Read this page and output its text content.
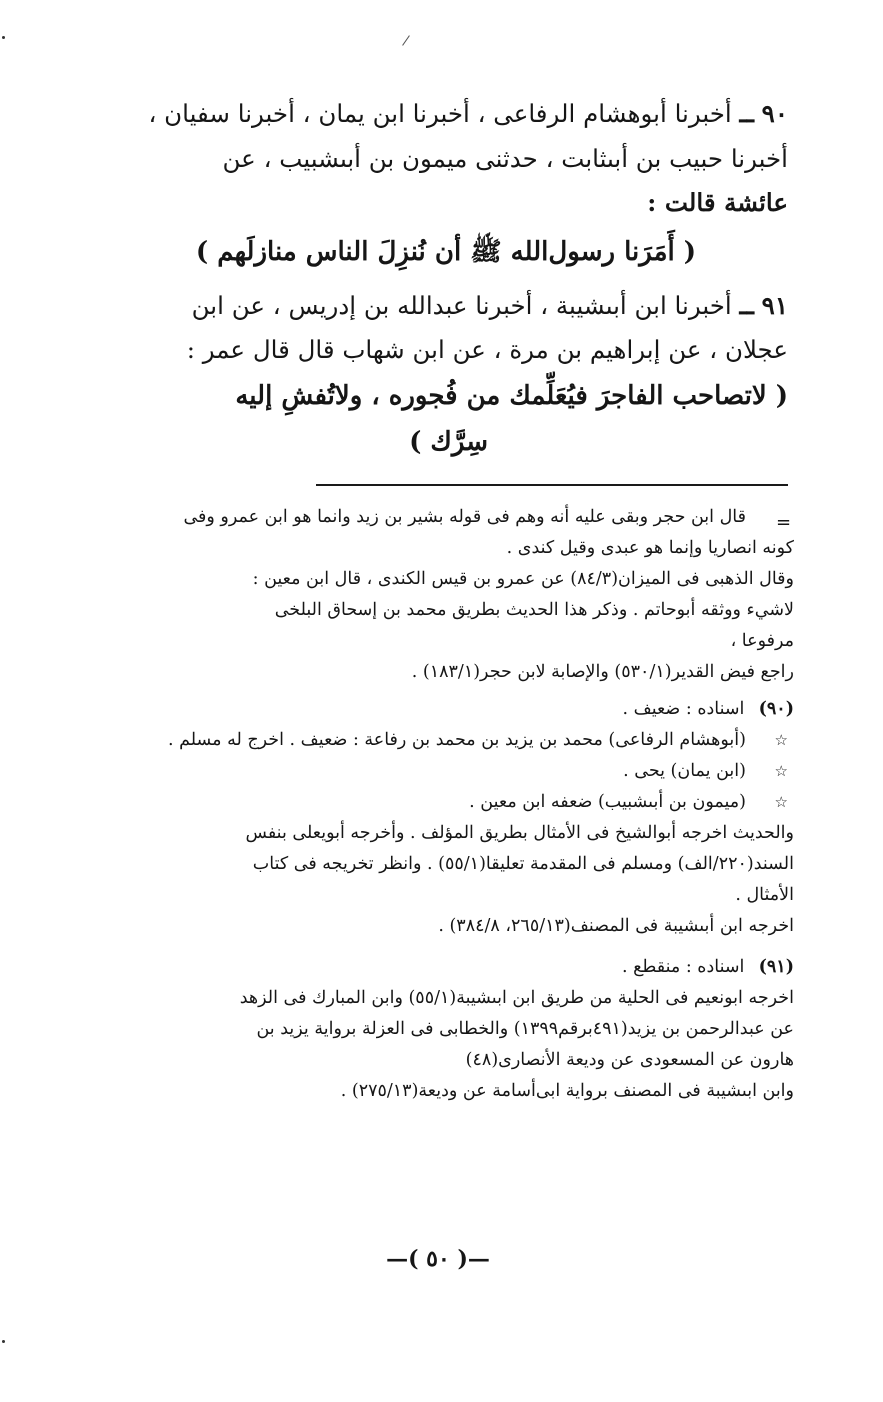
٩٠ ــ أخبرنا أبوهشام الرفاعى ، أخبرنا ابن يمان ، أخبرنا سفيان ،

أخبرنا حبيب بن أبىثابت ، حدثنى ميمون بن أبىشبيب ، عن

عائشة قالت :

( أَمَرَنا رسول‌الله ﷺ أن نُنزِلَ الناس منازلَهم )

٩١ ــ أخبرنا ابن أبىشيبة ، أخبرنا عبدالله بن إدريس ، عن ابن

عجلان ، عن إبراهيم بن مرة ، عن ابن شهاب قال قال عمر :

( لاتصاحب الفاجرَ فيُعَلِّمك من فُجوره ، ولاتُفشِ إليه

سِرَّك )

=

قال ابن حجر وبقى عليه أنه وهم فى قوله بشير بن زيد وانما هو ابن عمرو وفى

كونه انصاريا وإنما هو عبدى وقيل كندى .

وقال الذهبى فى الميزان(٨٤/٣) عن عمرو بن قيس الكندى ، قال ابن معين :

لاشيء ووثقه أبوحاتم . وذكر هذا الحديث بطريق محمد بن إسحاق البلخى

مرفوعا ،

راجع فيض القدير(٥٣٠/١) والإصابة لابن حجر(١٨٣/١) .

(٩٠) اسناده : ضعيف .

☆
(أبوهشام الرفاعى) محمد بن يزيد بن محمد بن رفاعة : ضعيف . اخرج له مسلم .
☆
(ابن يمان) يحى .
☆
(ميمون بن أبىشبيب) ضعفه ابن معين .

والحديث اخرجه أبوالشيخ فى الأمثال بطريق المؤلف . وأخرجه أبويعلى بنفس

السند(٢٢٠/الف) ومسلم فى المقدمة تعليقا(٥٥/١) . وانظر تخريجه فى كتاب

الأمثال .

اخرجه ابن أبىشيبة فى المصنف(٢٦٥/١٣، ٣٨٤/٨) .

(٩١) اسناده : منقطع .

اخرجه ابونعيم فى الحلية من طريق ابن ابىشيبة(٥٥/١) وابن المبارك فى الزهد

عن عبدالرحمن بن يزيد(٤٩١برقم١٣٩٩) والخطابى فى العزلة برواية يزيد بن

هارون عن المسعودى عن وديعة الأنصارى(٤٨)

وابن ابىشيبة فى المصنف برواية ابى‌أسامة عن وديعة(٢٧٥/١٣) .

—( ٥٠ )—
